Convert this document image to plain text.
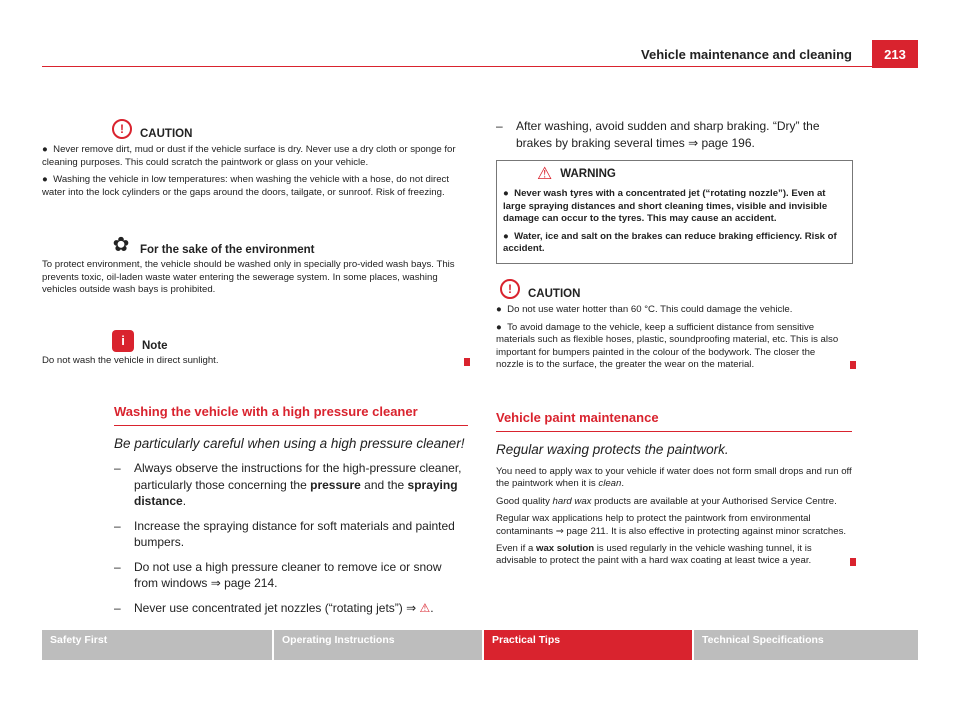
Vehicle maintenance and cleaning	213
!	CAUTION

●  Never remove dirt, mud or dust if the vehicle surface is dry. Never use a dry cloth or sponge for cleaning purposes. This could scratch the paintwork or glass on your vehicle.

●  Washing the vehicle in low temperatures: when washing the vehicle with a hose, do not direct water into the lock cylinders or the gaps around the doors, tailgate, or sunroof. Risk of freezing.

✿ For the sake of the environment

To protect environment, the vehicle should be washed only in specially pro-vided wash bays. This prevents toxic, oil-laden waste water entering the sewerage system. In some places, washing vehicles outside wash bays is prohibited.

i	Note
Do not wash the vehicle in direct sunlight.
Washing the vehicle with a high pressure cleaner
Be particularly careful when using a high pressure cleaner!
–	Always observe the instructions for the high-pressure cleaner, particularly those concerning the pressure and the spraying distance.
–	Increase the spraying distance for soft materials and painted bumpers.
–	Do not use a high pressure cleaner to remove ice or snow from windows ⇒ page 214.
–	Never use concentrated jet nozzles (“rotating jets”) ⇒ ⚠.
–	After washing, avoid sudden and sharp braking. “Dry” the brakes by braking several times ⇒ page 196.
⚠ WARNING

●  Never wash tyres with a concentrated jet (“rotating nozzle”). Even at large spraying distances and short cleaning times, visible and invisible damage can occur to the tyres. This may cause an accident.

●  Water, ice and salt on the brakes can reduce braking efficiency. Risk of accident.

!	CAUTION

●  Do not use water hotter than 60 °C. This could damage the vehicle.

●  To avoid damage to the vehicle, keep a sufficient distance from sensitive materials such as flexible hoses, plastic, soundproofing material, etc. This is also important for bumpers painted in the colour of the bodywork. The closer the nozzle is to the surface, the greater the wear on the material.

Vehicle paint maintenance
Regular waxing protects the paintwork.

You need to apply wax to your vehicle if water does not form small drops and run off the paintwork when it is clean.

Good quality hard wax products are available at your Authorised Service Centre.

Regular wax applications help to protect the paintwork from environmental contaminants ⇒ page 211. It is also effective in protecting against minor scratches.

Even if a wax solution is used regularly in the vehicle washing tunnel, it is advisable to protect the paint with a hard wax coating at least twice a year.

Safety First	Operating Instructions	Practical Tips	Technical Specifications
